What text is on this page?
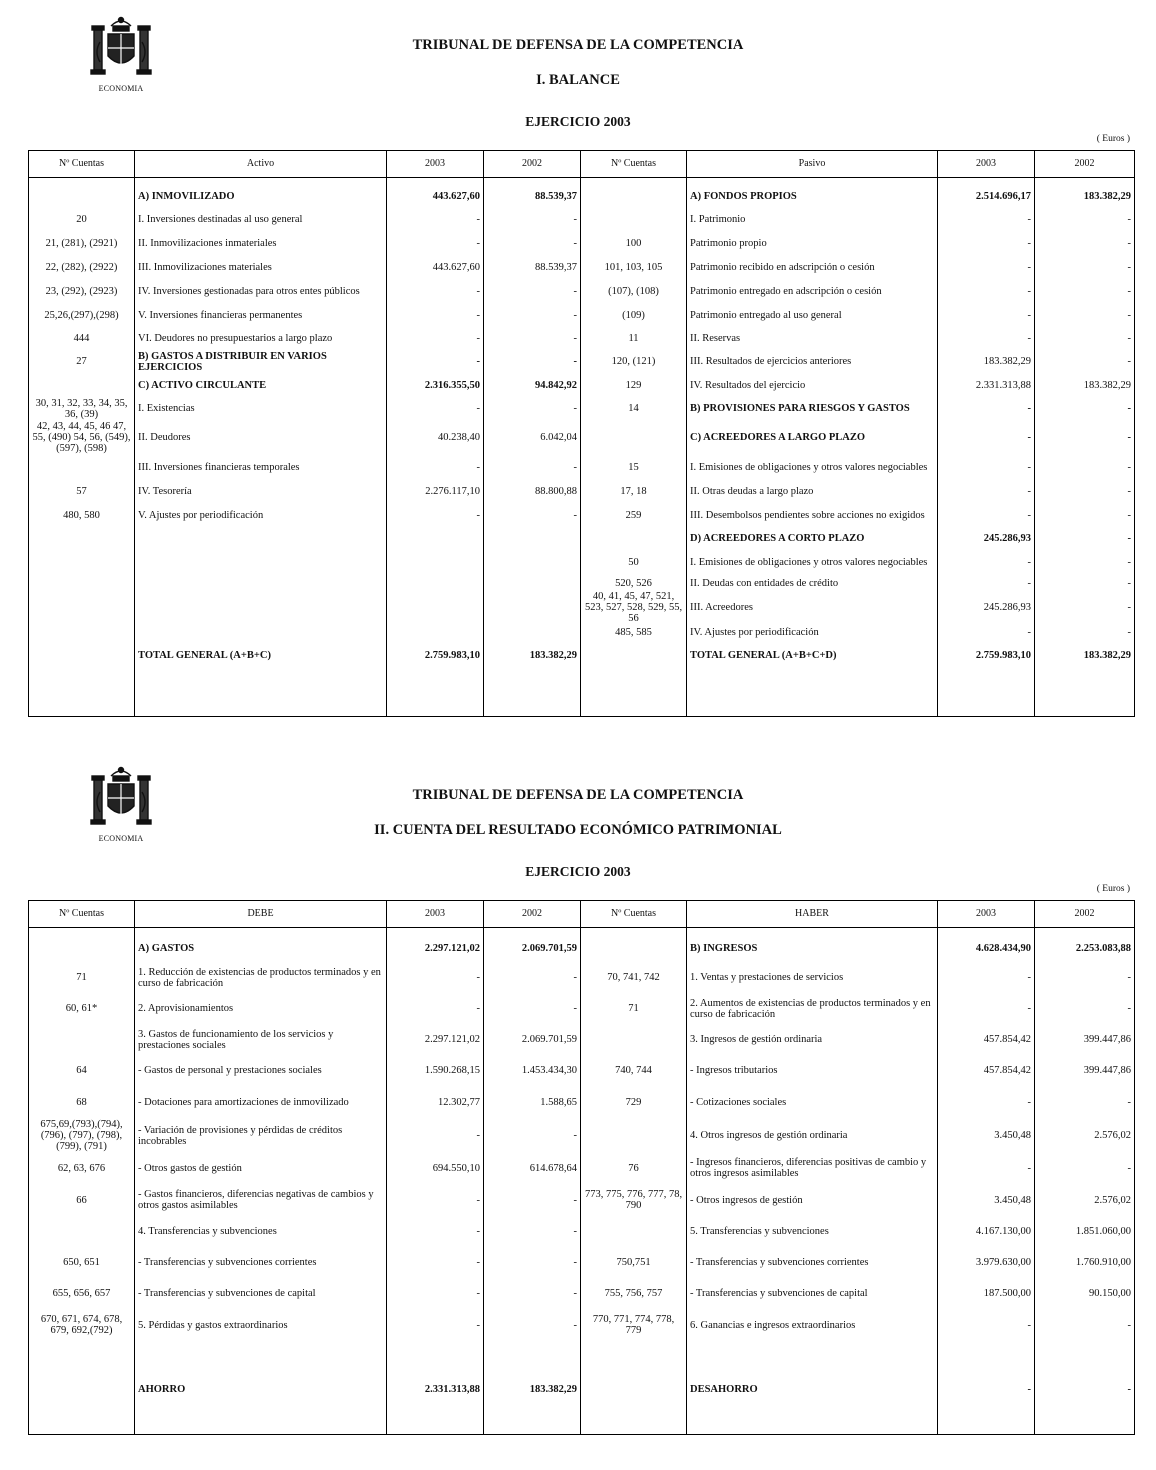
ECONOMIA
TRIBUNAL DE DEFENSA DE LA COMPETENCIA
I. BALANCE
EJERCICIO 2003
( Euros )
Nº Cuentas	Activo	2003	2002	Nº Cuentas	Pasivo	2003	2002

	A) INMOVILIZADO	443.627,60	88.539,37		A) FONDOS PROPIOS	2.514.696,17	183.382,29
20	I. Inversiones destinadas al uso general	-	-		I. Patrimonio	-	-
21, (281), (2921)	II. Inmovilizaciones inmateriales	-	-	100	Patrimonio propio	-	-
22, (282), (2922)	III. Inmovilizaciones materiales	443.627,60	88.539,37	101, 103, 105	Patrimonio recibido en adscripción o cesión	-	-
23, (292), (2923)	IV. Inversiones gestionadas para otros entes públicos	-	-	(107), (108)	Patrimonio entregado en adscripción o cesión	-	-
25,26,(297),(298)	V. Inversiones financieras permanentes	-	-	(109)	Patrimonio entregado al uso general	-	-
444	VI. Deudores no presupuestarios a largo plazo	-	-	11	II. Reservas	-	-
27	B) GASTOS A DISTRIBUIR EN VARIOS EJERCICIOS	-	-	120, (121)	III. Resultados de ejercicios anteriores	183.382,29	-
	C) ACTIVO CIRCULANTE	2.316.355,50	94.842,92	129	IV. Resultados del ejercicio	2.331.313,88	183.382,29
30, 31, 32, 33, 34, 35, 36, (39)	I. Existencias	-	-	14	B) PROVISIONES PARA RIESGOS Y GASTOS	-	-
42, 43, 44, 45, 46 47, 55, (490) 54, 56, (549), (597), (598)	II. Deudores	40.238,40	6.042,04		C) ACREEDORES A LARGO PLAZO	-	-
	III. Inversiones financieras temporales	-	-	15	I. Emisiones de obligaciones y otros valores negociables	-	-
57	IV. Tesorería	2.276.117,10	88.800,88	17, 18	II. Otras deudas a largo plazo	-	-
480, 580	V. Ajustes por periodificación	-	-	259	III. Desembolsos pendientes sobre acciones no exigidos	-	-
					D) ACREEDORES A CORTO PLAZO	245.286,93	-
				50	I. Emisiones de obligaciones y otros valores negociables	-	-
				520, 526	II. Deudas con entidades de crédito	-	-
				40, 41, 45, 47, 521, 523, 527, 528, 529, 55, 56	III. Acreedores	245.286,93	-
				485, 585	IV. Ajustes por periodificación	-	-
	TOTAL GENERAL (A+B+C)	2.759.983,10	183.382,29		TOTAL GENERAL (A+B+C+D)	2.759.983,10	183.382,29

ECONOMIA
TRIBUNAL DE DEFENSA DE LA COMPETENCIA
II. CUENTA DEL RESULTADO ECONÓMICO PATRIMONIAL
EJERCICIO 2003
( Euros )
Nº Cuentas	DEBE	2003	2002	Nº Cuentas	HABER	2003	2002

	A) GASTOS	2.297.121,02	2.069.701,59		B) INGRESOS	4.628.434,90	2.253.083,88
71	1. Reducción de existencias de productos terminados y en curso de fabricación	-	-	70, 741, 742	1. Ventas y prestaciones de servicios	-	-
60, 61*	2. Aprovisionamientos	-	-	71	2. Aumentos de existencias de productos terminados y en curso de fabricación	-	-
	3. Gastos de funcionamiento de los servicios y prestaciones sociales	2.297.121,02	2.069.701,59		3. Ingresos de gestión ordinaria	457.854,42	399.447,86
64	- Gastos de personal y prestaciones sociales	1.590.268,15	1.453.434,30	740, 744	- Ingresos tributarios	457.854,42	399.447,86
68	- Dotaciones para amortizaciones de inmovilizado	12.302,77	1.588,65	729	- Cotizaciones sociales	-	-
675,69,(793),(794), (796), (797), (798), (799), (791)	- Variación de provisiones y pérdidas de créditos incobrables	-	-		4. Otros ingresos de gestión ordinaria	3.450,48	2.576,02
62, 63, 676	- Otros gastos de gestión	694.550,10	614.678,64	76	- Ingresos financieros, diferencias positivas de cambio y otros ingresos asimilables	-	-
66	- Gastos financieros, diferencias negativas de cambios y otros gastos asimilables	-	-	773, 775, 776, 777, 78, 790	- Otros ingresos de gestión	3.450,48	2.576,02
	4. Transferencias y subvenciones	-	-		5. Transferencias y subvenciones	4.167.130,00	1.851.060,00
650, 651	- Transferencias y subvenciones corrientes	-	-	750,751	- Transferencias y subvenciones corrientes	3.979.630,00	1.760.910,00
655, 656, 657	- Transferencias y subvenciones de capital	-	-	755, 756, 757	- Transferencias y subvenciones de capital	187.500,00	90.150,00
670, 671, 674, 678, 679, 692,(792)	5. Pérdidas y gastos extraordinarios	-	-	770, 771, 774, 778, 779	6. Ganancias e ingresos extraordinarios	-	-

	AHORRO	2.331.313,88	183.382,29		DESAHORRO	-	-
